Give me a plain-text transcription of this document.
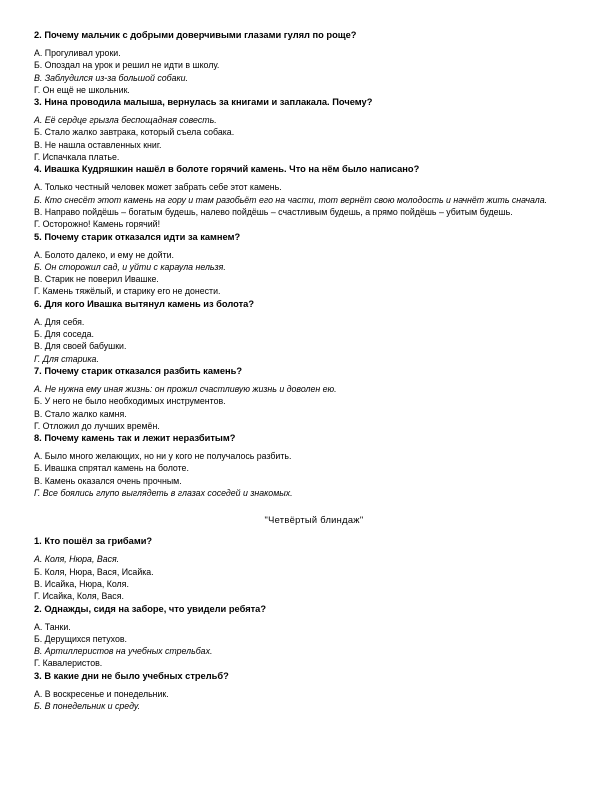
2. Почему мальчик с добрыми доверчивыми глазами гулял по роще?
А. Прогуливал уроки.
Б. Опоздал на урок и решил не идти в школу.
В. Заблудился из-за большой собаки.
Г. Он ещё не школьник.
3. Нина проводила малыша, вернулась за книгами и заплакала. Почему?
А. Её сердце грызла беспощадная совесть.
Б. Стало жалко завтрака, который съела собака.
В. Не нашла оставленных книг.
Г. Испачкала платье.
4. Ивашка Кудряшкин нашёл в болоте горячий камень. Что на нём было написано?
А. Только честный человек может забрать себе этот камень.
Б. Кто снесёт этот камень на гору и там разобьёт его на части, тот вернёт свою молодость и начнёт жить сначала.
В. Направо пойдёшь – богатым будешь, налево пойдёшь – счастливым будешь, а прямо пойдёшь – убитым будешь.
Г. Осторожно! Камень горячий!
5. Почему старик отказался идти за камнем?
А. Болото далеко, и ему не дойти.
Б. Он сторожил сад, и уйти с караула нельзя.
В. Старик не поверил Ивашке.
Г. Камень тяжёлый, и старику его не донести.
6. Для кого Ивашка вытянул камень из болота?
А. Для себя.
Б. Для соседа.
В. Для своей бабушки.
Г. Для старика.
7. Почему старик отказался разбить камень?
А. Не нужна ему иная жизнь: он прожил счастливую жизнь и доволен ею.
Б. У него не было необходимых инструментов.
В. Стало жалко камня.
Г. Отложил до лучших времён.
8. Почему камень так и лежит неразбитым?
А. Было много желающих, но ни у кого не получалось разбить.
Б. Ивашка спрятал камень на болоте.
В. Камень оказался очень прочным.
Г. Все боялись глупо выглядеть в глазах соседей и знакомых.
"Четвёртый блиндаж"
1. Кто пошёл за грибами?
А. Коля, Нюра, Вася.
Б. Коля, Нюра, Вася, Исайка.
В. Исайка, Нюра, Коля.
Г. Исайка, Коля, Вася.
2. Однажды, сидя на заборе, что увидели ребята?
А. Танки.
Б. Дерущихся петухов.
В. Артиллеристов на учебных стрельбах.
Г. Кавалеристов.
3. В какие дни не было учебных стрельб?
А. В воскресенье и понедельник.
Б. В понедельник и среду.
